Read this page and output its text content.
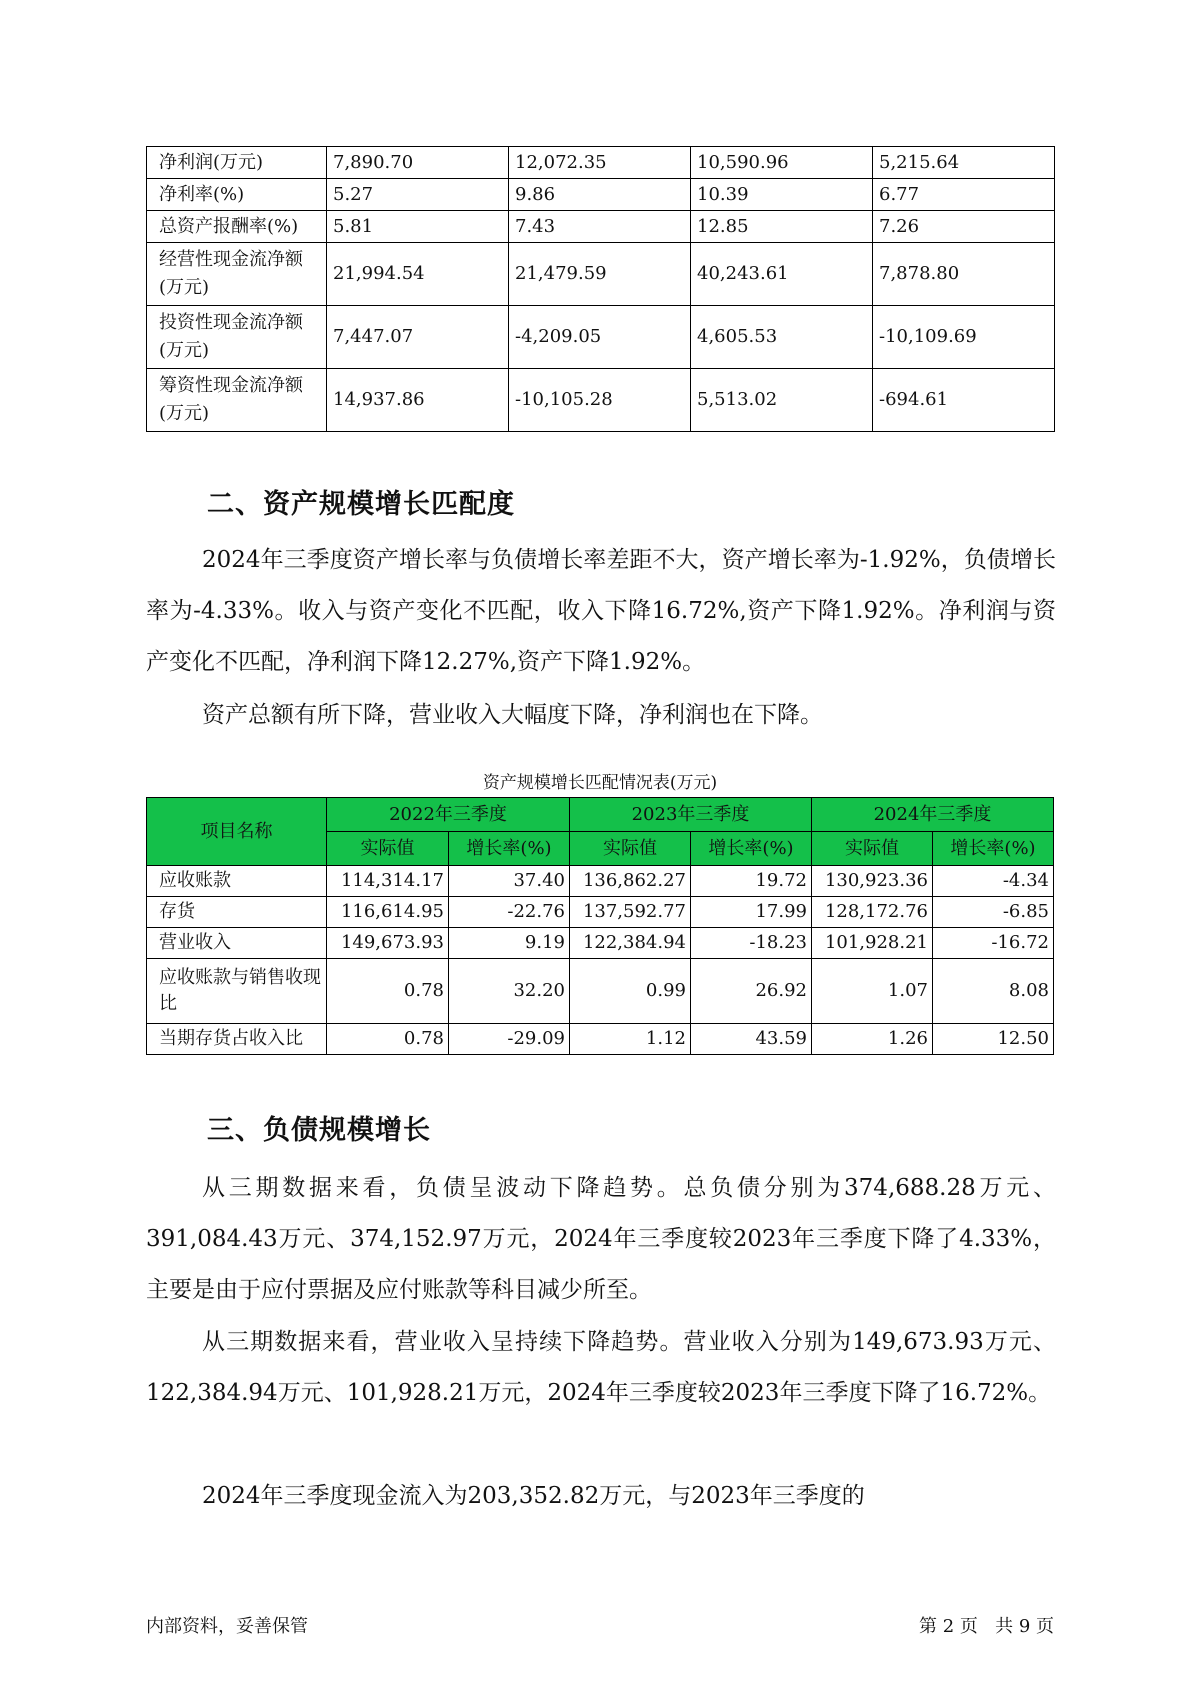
净利润(万元)	7,890.70	12,072.35	10,590.96	5,215.64
净利率(%)	5.27	9.86	10.39	6.77
总资产报酬率(%)	5.81	7.43	12.85	7.26
经营性现金流净额(万元)	21,994.54	21,479.59	40,243.61	7,878.80
投资性现金流净额(万元)	7,447.07	-4,209.05	4,605.53	-10,109.69
筹资性现金流净额(万元)	14,937.86	-10,105.28	5,513.02	-694.61
二、资产规模增长匹配度

2024年三季度资产增长率与负债增长率差距不大，资产增长率为-1.92%，负债增长率为-4.33%。收入与资产变化不匹配，收入下降16.72%,资产下降1.92%。净利润与资产变化不匹配，净利润下降12.27%,资产下降1.92%。

资产总额有所下降，营业收入大幅度下降，净利润也在下降。

资产规模增长匹配情况表(万元)
项目名称	2022年三季度		2023年三季度		2024年三季度	
	实际值	增长率(%)	实际值	增长率(%)	实际值	增长率(%)
应收账款	114,314.17	37.40	136,862.27	19.72	130,923.36	-4.34
存货	116,614.95	-22.76	137,592.77	17.99	128,172.76	-6.85
营业收入	149,673.93	9.19	122,384.94	-18.23	101,928.21	-16.72
应收账款与销售收现比	0.78	32.20	0.99	26.92	1.07	8.08
当期存货占收入比	0.78	-29.09	1.12	43.59	1.26	12.50
三、负债规模增长

从三期数据来看，负债呈波动下降趋势。总负债分别为374,688.28万元、391,084.43万元、374,152.97万元，2024年三季度较2023年三季度下降了4.33%，主要是由于应付票据及应付账款等科目减少所至。

从三期数据来看，营业收入呈持续下降趋势。营业收入分别为149,673.93万元、122,384.94万元、101,928.21万元，2024年三季度较2023年三季度下降了16.72%。

2024年三季度现金流入为203,352.82万元，与2023年三季度的

内部资料，妥善保管	第 2 页   共 9 页
